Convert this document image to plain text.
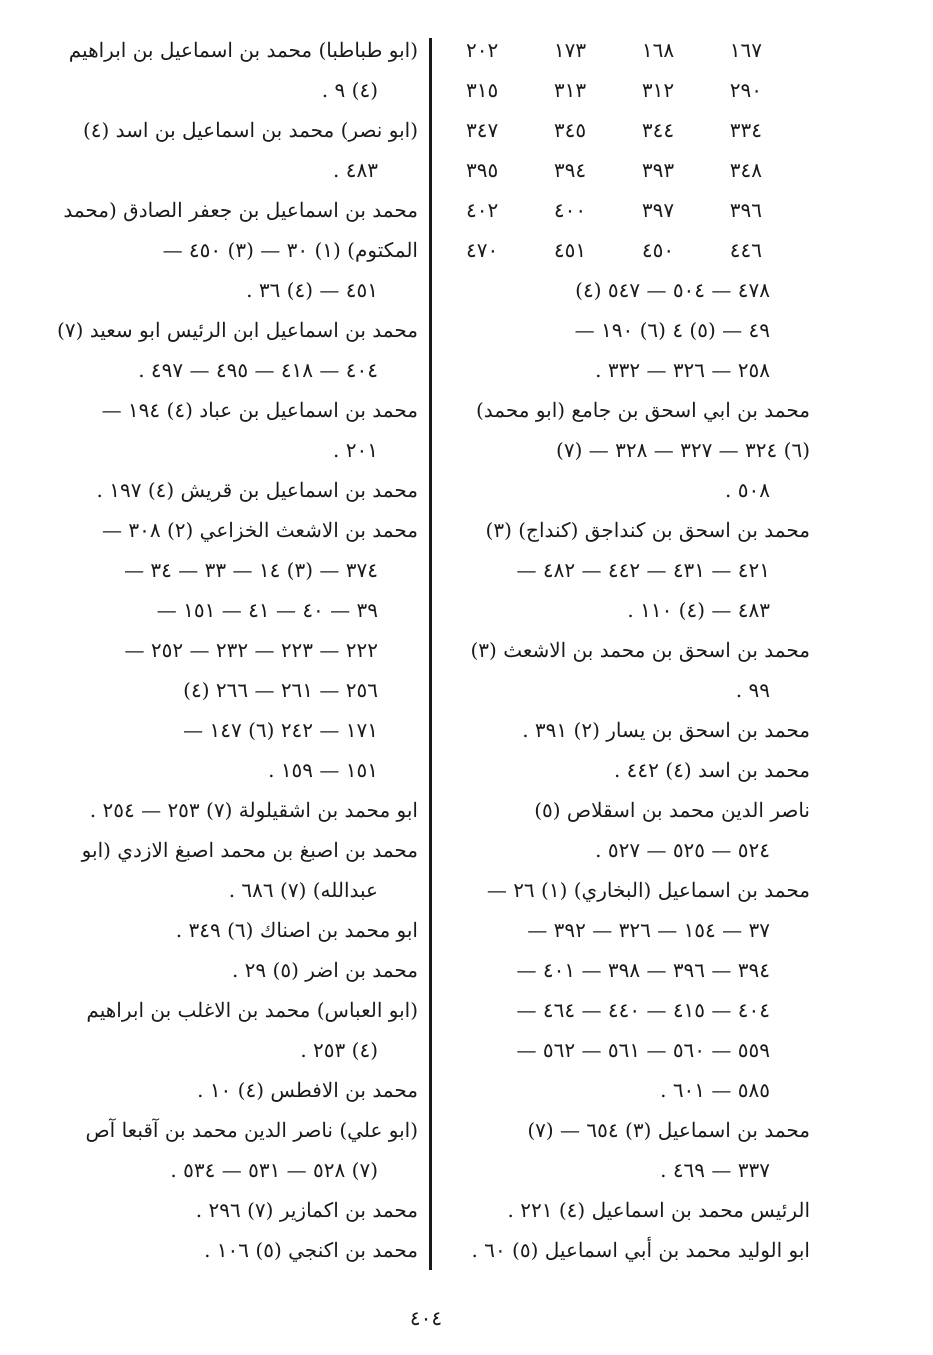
١٦٧
١٦٨
١٧٣
٢٠٢
٢٩٠
٣١٢
٣١٣
٣١٥
٣٣٤
٣٤٤
٣٤٥
٣٤٧
٣٤٨
٣٩٣
٣٩٤
٣٩٥
٣٩٦
٣٩٧
٤٠٠
٤٠٢
٤٤٦
٤٥٠
٤٥١
٤٧٠
٤٧٨ — ٥٠٤ — ٥٤٧ (٤)
٤٩ — (٥) ٤ (٦) ١٩٠ —
٢٥٨ — ٣٢٦ — ٣٣٢ .
محمد بن ابي اسحق بن جامع (ابو محمد)
(٦) ٣٢٤ — ٣٢٧ — ٣٢٨ — (٧)
٥٠٨ .
محمد بن اسحق بن كنداجق (كنداج) (٣)
٤٢١ — ٤٣١ — ٤٤٢ — ٤٨٢ —
٤٨٣ — (٤) ١١٠ .
محمد بن اسحق بن محمد بن الاشعث (٣)
٩٩ .
محمد بن اسحق بن يسار (٢) ٣٩١ .
محمد بن اسد (٤) ٤٤٢ .
ناصر الدين محمد بن اسقلاص (٥)
٥٢٤ — ٥٢٥ — ٥٢٧ .
محمد بن اسماعيل (البخاري) (١) ٢٦ —
٣٧ — ١٥٤ — ٣٢٦ — ٣٩٢ —
٣٩٤ — ٣٩٦ — ٣٩٨ — ٤٠١ —
٤٠٤ — ٤١٥ — ٤٤٠ — ٤٦٤ —
٥٥٩ — ٥٦٠ — ٥٦١ — ٥٦٢ —
٥٨٥ — ٦٠١ .
محمد بن اسماعيل (٣) ٦٥٤ — (٧)
٣٣٧ — ٤٦٩ .
الرئيس محمد بن اسماعيل (٤) ٢٢١ .
ابو الوليد محمد بن أبي اسماعيل (٥) ٦٠ .
(ابو طباطبا) محمد بن اسماعيل بن ابراهيم
(٤) ٩ .
(ابو نصر) محمد بن اسماعيل بن اسد (٤)
٤٨٣ .
محمد بن اسماعيل بن جعفر الصادق (محمد
المكتوم) (١) ٣٠ — (٣) ٤٥٠ —
٤٥١ — (٤) ٣٦ .
محمد بن اسماعيل ابن الرئيس ابو سعيد (٧)
٤٠٤ — ٤١٨ — ٤٩٥ — ٤٩٧ .
محمد بن اسماعيل بن عباد (٤) ١٩٤ —
٢٠١ .
محمد بن اسماعيل بن قريش (٤) ١٩٧ .
محمد بن الاشعث الخزاعي (٢) ٣٠٨ —
٣٧٤ — (٣) ١٤ — ٣٣ — ٣٤ —
٣٩ — ٤٠ — ٤١ — ١٥١ —
٢٢٢ — ٢٢٣ — ٢٣٢ — ٢٥٢ —
٢٥٦ — ٢٦١ — ٢٦٦ (٤)
١٧١ — ٢٤٢ (٦) ١٤٧ —
١٥١ — ١٥٩ .
ابو محمد بن اشقيلولة (٧) ٢٥٣ — ٢٥٤ .
محمد بن اصبغ بن محمد اصبغ الازدي (ابو
عبدالله) (٧) ٦٨٦ .
ابو محمد بن اصناك (٦) ٣٤٩ .
محمد بن اضر (٥) ٢٩ .
(ابو العباس) محمد بن الاغلب بن ابراهيم
(٤) ٢٥٣ .
محمد بن الافطس (٤) ١٠ .
(ابو علي) ناصر الدين محمد بن آقبعا آص
(٧) ٥٢٨ — ٥٣١ — ٥٣٤ .
محمد بن اكمازير (٧) ٢٩٦ .
محمد بن اكنجي (٥) ١٠٦ .
٤٠٤
